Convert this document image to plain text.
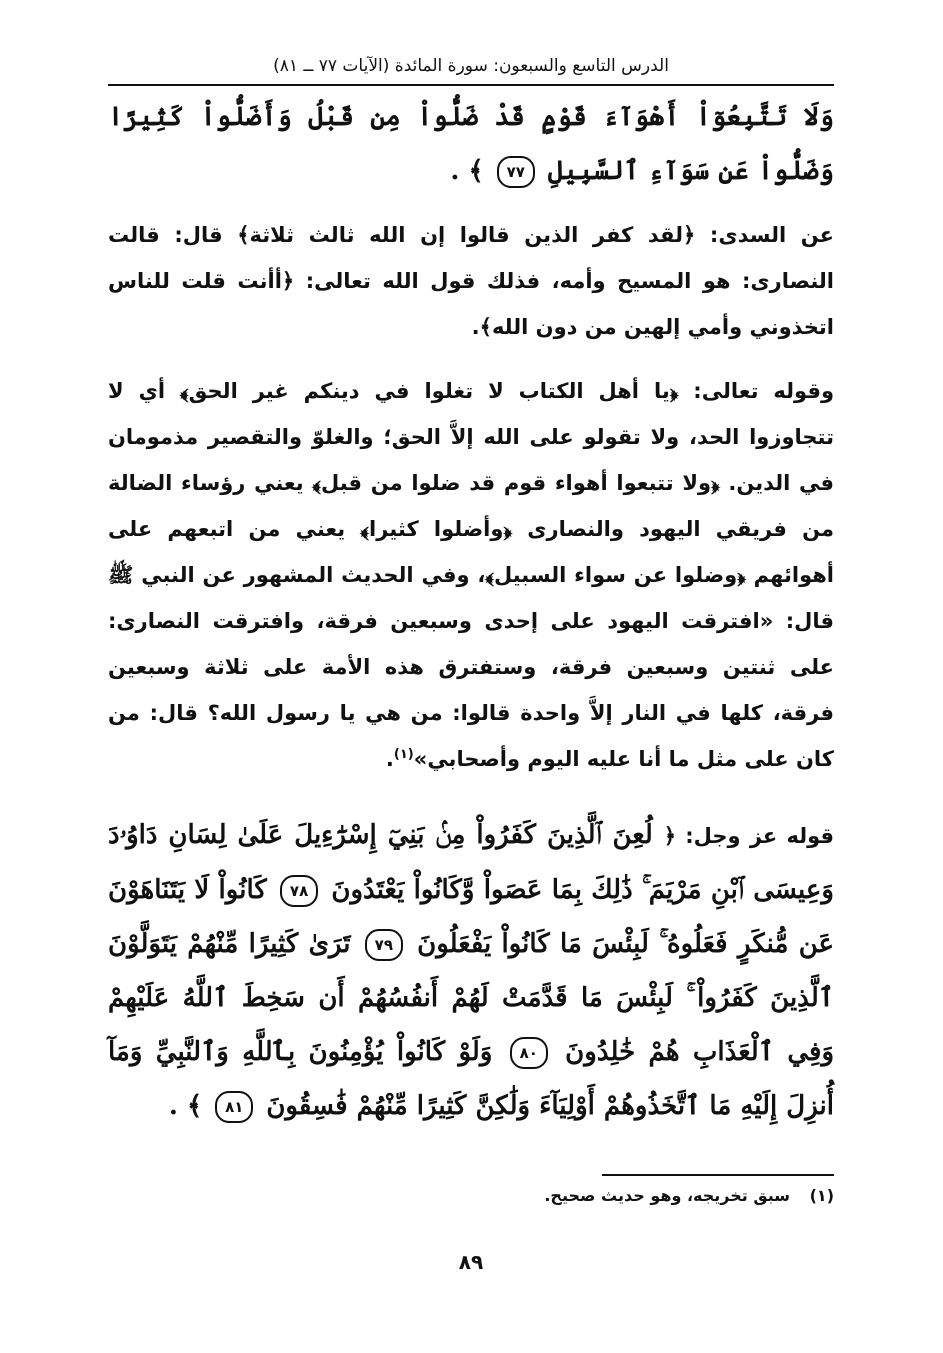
الدرس التاسع والسبعون: سورة المائدة (الآيات ٧٧ ــ ٨١)

وَلَا تَتَّبِعُوٓاْ أَهْوَآءَ قَوْمٍ قَدْ ضَلُّواْ مِن قَبْلُ وَأَضَلُّواْ كَثِيرًا وَضَلُّواْ عَن سَوَآءِ ٱلسَّبِيلِ ٧٧ ﴾ .

عن السدى: ﴿لقد كفر الذين قالوا إن الله ثالث ثلاثة﴾ قال: قالت النصارى: هو المسيح وأمه، فذلك قول الله تعالى: ﴿أأنت قلت للناس اتخذوني وأمي إلهين من دون الله﴾.

وقوله تعالى: ﴿يا أهل الكتاب لا تغلوا في دينكم غير الحق﴾ أي لا تتجاوزوا الحد، ولا تقولو على الله إلاَّ الحق؛ والغلوّ والتقصير مذمومان في الدين. ﴿ولا تتبعوا أهواء قوم قد ضلوا من قبل﴾ يعني رؤساء الضالة من فريقي اليهود والنصارى ﴿وأضلوا كثيرا﴾ يعني من اتبعهم على أهوائهم ﴿وضلوا عن سواء السبيل﴾، وفي الحديث المشهور عن النبي ﷺ قال: «افترقت اليهود على إحدى وسبعين فرقة، وافترقت النصارى: على ثنتين وسبعين فرقة، وستفترق هذه الأمة على ثلاثة وسبعين فرقة، كلها في النار إلاَّ واحدة قالوا: من هي يا رسول الله؟ قال: من كان على مثل ما أنا عليه اليوم وأصحابي»$^{(١)}$.

قوله عز وجل: ﴿ لُعِنَ ٱلَّذِينَ كَفَرُواْ مِنۢ بَنِيٓ إِسْرَٰٓءِيلَ عَلَىٰ لِسَانِ دَاوُۥدَ وَعِيسَى ٱبْنِ مَرْيَمَ ۚ ذَٰلِكَ بِمَا عَصَواْ وَّكَانُواْ يَعْتَدُونَ ٧٨ كَانُواْ لَا يَتَنَاهَوْنَ عَن مُّنكَرٍ فَعَلُوهُ ۚ لَبِئْسَ مَا كَانُواْ يَفْعَلُونَ ٧٩ تَرَىٰ كَثِيرًا مِّنْهُمْ يَتَوَلَّوْنَ ٱلَّذِينَ كَفَرُواْ ۚ لَبِئْسَ مَا قَدَّمَتْ لَهُمْ أَنفُسُهُمْ أَن سَخِطَ ٱللَّهُ عَلَيْهِمْ وَفِي ٱلْعَذَابِ هُمْ خَٰلِدُونَ ٨٠ وَلَوْ كَانُواْ يُؤْمِنُونَ بِٱللَّهِ وَٱلنَّبِيِّ وَمَآ أُنزِلَ إِلَيْهِ مَا ٱتَّخَذُوهُمْ أَوْلِيَآءَ وَلَٰكِنَّ كَثِيرًا مِّنْهُمْ فَٰسِقُونَ ٨١ ﴾ .

(١) سبق تخريجه، وهو حديث صحيح.
٨٩
